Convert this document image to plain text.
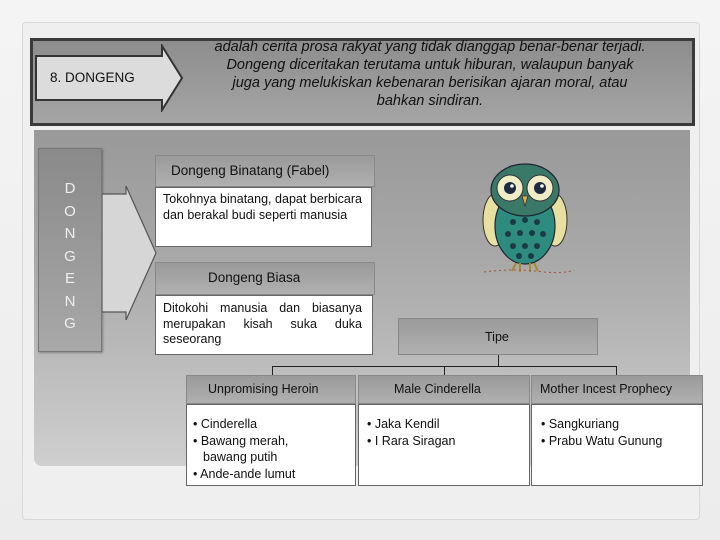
8. DONGENG
adalah cerita prosa rakyat yang tidak dianggap benar-benar terjadi.
Dongeng diceritakan terutama untuk hiburan, walaupun banyak
juga yang melukiskan kebenaran berisikan ajaran moral, atau
bahkan sindiran.
D
O
N
G
E
N
G
Dongeng Binatang (Fabel)
Tokohnya binatang, dapat berbicara dan berakal budi seperti manusia
Dongeng Biasa
Ditokohi manusia dan biasanya merupakan kisah suka duka seseorang	Tipe
Unpromising Heroin
• Cinderella
• Bawang merah,
bawang putih
• Ande-ande lumut
Male Cinderella
• Jaka Kendil
• I Rara Siragan
Mother Incest Prophecy
• Sangkuriang
• Prabu Watu Gunung
